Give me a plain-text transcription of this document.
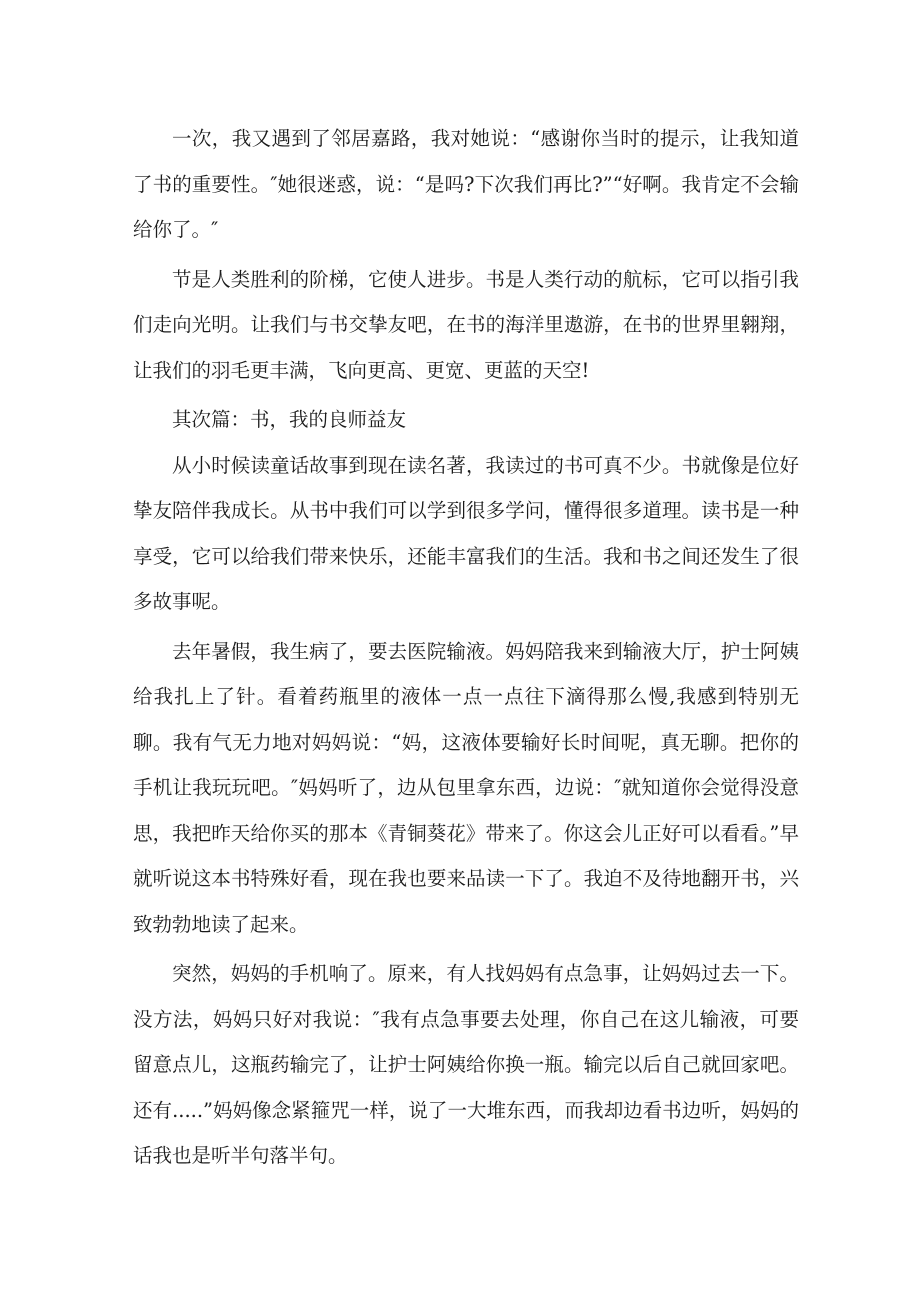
一次，我又遇到了邻居嘉路，我对她说：“感谢你当时的提示，让我知道了书的重要性。″她很迷惑，说：“是吗?下次我们再比?”“好啊。我肯定不会输给你了。″

节是人类胜利的阶梯，它使人进步。书是人类行动的航标，它可以指引我们走向光明。让我们与书交挚友吧，在书的海洋里遨游，在书的世界里翱翔，让我们的羽毛更丰满，飞向更高、更宽、更蓝的天空!

其次篇：书，我的良师益友

从小时候读童话故事到现在读名著，我读过的书可真不少。书就像是位好挚友陪伴我成长。从书中我们可以学到很多学问，懂得很多道理。读书是一种享受，它可以给我们带来快乐，还能丰富我们的生活。我和书之间还发生了很多故事呢。

去年暑假，我生病了，要去医院输液。妈妈陪我来到输液大厅，护士阿姨给我扎上了针。看着药瓶里的液体一点一点往下滴得那么慢,我感到特别无聊。我有气无力地对妈妈说：“妈，这液体要输好长时间呢，真无聊。把你的手机让我玩玩吧。″妈妈听了，边从包里拿东西，边说：″就知道你会觉得没意思，我把昨天给你买的那本《青铜葵花》带来了。你这会儿正好可以看看。”早就听说这本书特殊好看，现在我也要来品读一下了。我迫不及待地翻开书，兴致勃勃地读了起来。

突然，妈妈的手机响了。原来，有人找妈妈有点急事，让妈妈过去一下。没方法，妈妈只好对我说：″我有点急事要去处理，你自己在这儿输液，可要留意点儿，这瓶药输完了，让护士阿姨给你换一瓶。输完以后自己就回家吧。还有.....”妈妈像念紧箍咒一样，说了一大堆东西，而我却边看书边听，妈妈的话我也是听半句落半句。
